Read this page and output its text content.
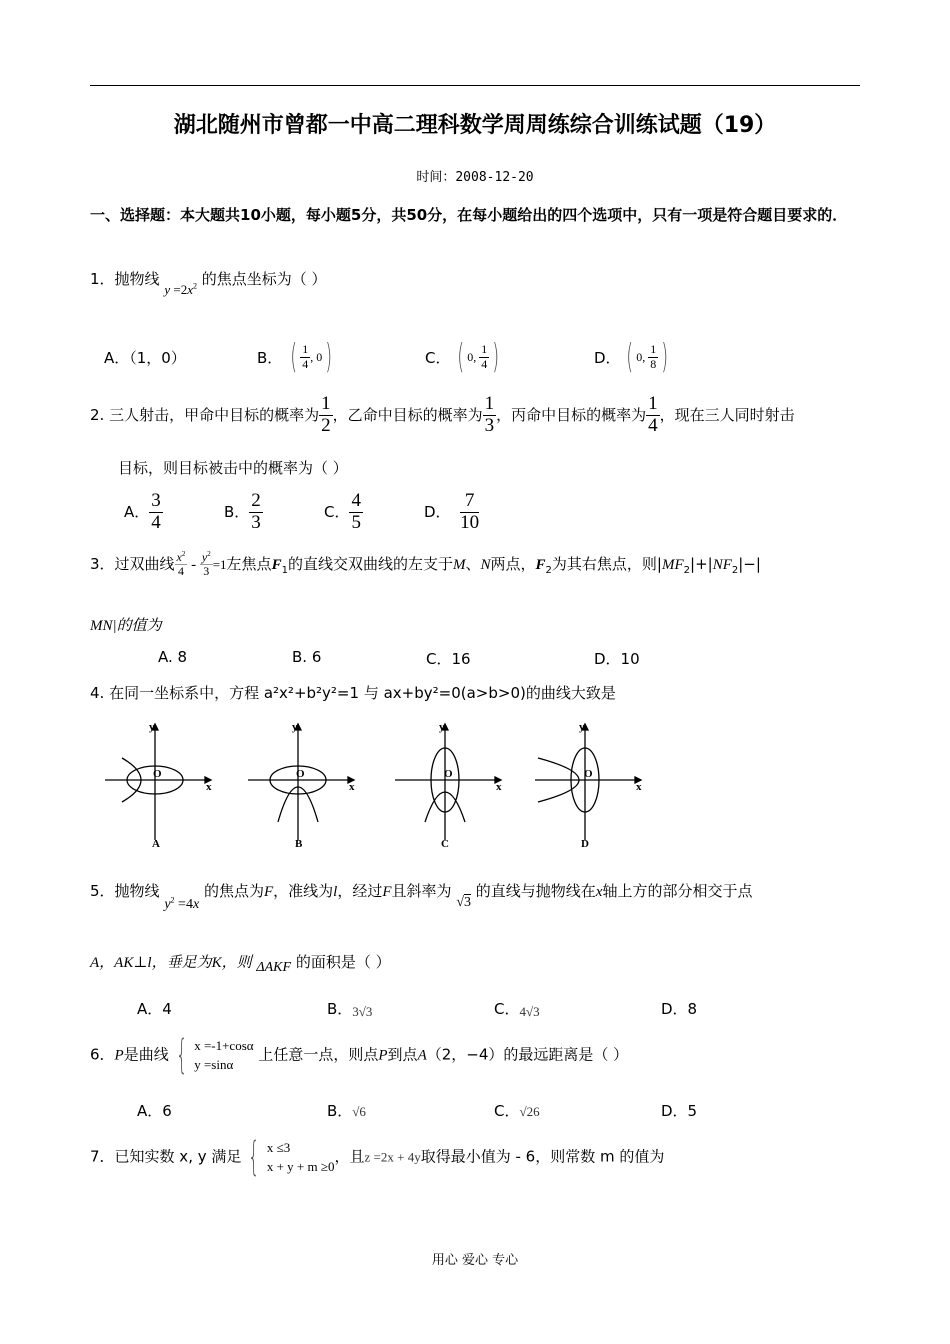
湖北随州市曾都一中高二理科数学周周练综合训练试题（19）
时间：2008-12-20
一、选择题：本大题共10小题，每小题5分，共50分，在每小题给出的四个选项中，只有一项是符合题目要求的．
1．抛物线 $y =2x^2$ 的焦点坐标为（ ）
A．（1，0）	B． ( $\frac{1}{4}$ , 0)	C． ( 0, $\frac{1}{4}$ )	D． ( 0, $\frac{1}{8}$ )
2. 三人射击，甲命中目标的概率为 $\frac{1}{2}$ ，乙命中目标的概率为 $\frac{1}{3}$ ，丙命中目标的概率为 $\frac{1}{4}$ ，现在三人同时射击
目标，则目标被击中的概率为（ ）
A． $\frac{3}{4}$	B． $\frac{2}{3}$	C． $\frac{4}{5}$	D． $\frac{7}{10}$
3．过双曲线 $\frac{x^2}{4} - \frac{y^2}{3} =1$左焦点$F_1$的直线交双曲线的左支于M、N两点，$F_2$为其右焦点，则$|MF_2|+|NF_2|-|$
MN|的值为
A. 8	B. 6	C．16	D．10
4. 在同一坐标系中，方程 a²x²+b²y²=1 与 ax+by²=0(a>b>0)的曲线大致是
y
O
x
y
O
x
y
O
x
y
O
x
A	B	C	D
5．抛物线 $y^2 =4x$ 的焦点为F，准线为l，经过F且斜率为 √3 的直线与抛物线在x轴上方的部分相交于点
A，AK⊥l，垂足为K，则 ΔAKF 的面积是（ ）
A．4	B．3√3	C．4√3	D．8
6．P是曲线 { x =-1+cosα
y =sinα
上任意一点，则点P到点A（2，−4）的最远距离是（ ）
A．6	B．√6	C．√26	D．5
7．已知实数 x, y 满足 { x ≤3
x + y + m ≥0
，且z =2x + 4y取得最小值为 - 6，则常数 m 的值为
用心 爱心 专心
